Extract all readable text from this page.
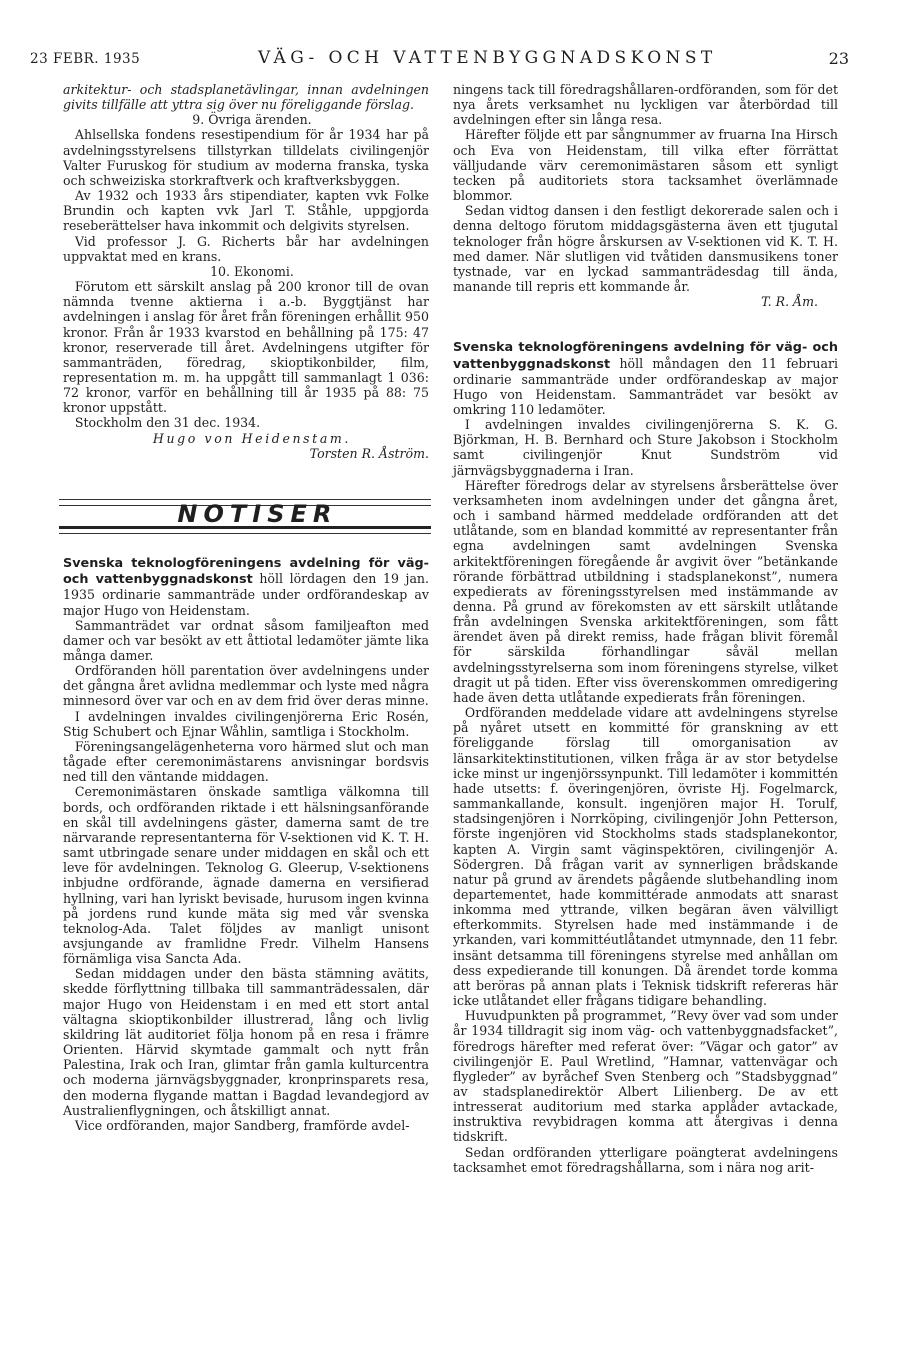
23 FEBR. 1935	VÄG- OCH VATTENBYGGNADSKONST	23

arkitektur- och stadsplanetävlingar, innan avdelningen givits tillfälle att yttra sig över nu föreliggande förslag.

9. Övriga ärenden.

Ahlsellska fondens resestipendium för år 1934 har på avdelningsstyrelsens tillstyrkan tilldelats civilingenjör Valter Furuskog för studium av moderna franska, tyska och schweiziska storkraftverk och kraftverksbyggen.

Av 1932 och 1933 års stipendiater, kapten vvk Folke Brundin och kapten vvk Jarl T. Ståhle, uppgjorda reseberättelser hava inkommit och delgivits styrelsen.

Vid professor J. G. Richerts bår har avdelningen uppvaktat med en krans.

10. Ekonomi.

Förutom ett särskilt anslag på 200 kronor till de ovan nämnda tvenne aktierna i a.-b. Byggtjänst har avdelningen i anslag för året från föreningen erhållit 950 kronor. Från år 1933 kvarstod en behållning på 175: 47 kronor, reserverade till året. Avdelningens utgifter för sammanträden, föredrag, skioptikonbilder, film, representation m. m. ha uppgått till sammanlagt 1 036: 72 kronor, varför en behållning till år 1935 på 88: 75 kronor uppstått.

Stockholm den 31 dec. 1934.

Hugo von Heidenstam.

Torsten R. Åström.

NOTISER

Svenska teknologföreningens avdelning för väg- och vattenbyggnadskonst höll lördagen den 19 jan. 1935 ordinarie sammanträde under ordförandeskap av major Hugo von Heidenstam.

Sammanträdet var ordnat såsom familjeafton med damer och var besökt av ett åttiotal ledamöter jämte lika många damer.

Ordföranden höll parentation över avdelningens under det gångna året avlidna medlemmar och lyste med några minnesord över var och en av dem frid över deras minne.

I avdelningen invaldes civilingenjörerna Eric Rosén, Stig Schubert och Ejnar Wåhlin, samtliga i Stockholm.

Föreningsangelägenheterna voro härmed slut och man tågade efter ceremonimästarens anvisningar bordsvis ned till den väntande middagen.

Ceremonimästaren önskade samtliga välkomna till bords, och ordföranden riktade i ett hälsningsanförande en skål till avdelningens gäster, damerna samt de tre närvarande representanterna för V-sektionen vid K. T. H. samt utbringade senare under middagen en skål och ett leve för avdelningen. Teknolog G. Gleerup, V-sektionens inbjudne ordförande, ägnade damerna en versifierad hyllning, vari han lyriskt bevisade, hurusom ingen kvinna på jordens rund kunde mäta sig med vår svenska teknolog-Ada. Talet följdes av manligt unisont avsjungande av framlidne Fredr. Vilhelm Hansens förnämliga visa Sancta Ada.

Sedan middagen under den bästa stämning avätits, skedde förflyttning tillbaka till sammanträdessalen, där major Hugo von Heidenstam i en med ett stort antal vältagna skioptikonbilder illustrerad, lång och livlig skildring lät auditoriet följa honom på en resa i främre Orienten. Härvid skymtade gammalt och nytt från Palestina, Irak och Iran, glimtar från gamla kulturcentra och moderna järnvägsbyggnader, kronprinsparets resa, den moderna flygande mattan i Bagdad levandegjord av Australienflygningen, och åtskilligt annat.

Vice ordföranden, major Sandberg, framförde avdel-

ningens tack till föredragshållaren-ordföranden, som för det nya årets verksamhet nu lyckligen var återbördad till avdelningen efter sin långa resa.

Härefter följde ett par sångnummer av fruarna Ina Hirsch och Eva von Heidenstam, till vilka efter förrättat välljudande värv ceremonimästaren såsom ett synligt tecken på auditoriets stora tacksamhet överlämnade blommor.

Sedan vidtog dansen i den festligt dekorerade salen och i denna deltogo förutom middagsgästerna även ett tjugutal teknologer från högre årskursen av V-sektionen vid K. T. H. med damer. När slutligen vid tvåtiden dansmusikens toner tystnade, var en lyckad sammanträdesdag till ända, manande till repris ett kommande år.

T. R. Åm.

Svenska teknologföreningens avdelning för väg- och vattenbyggnadskonst höll måndagen den 11 februari ordinarie sammanträde under ordförandeskap av major Hugo von Heidenstam. Sammanträdet var besökt av omkring 110 ledamöter.

I avdelningen invaldes civilingenjörerna S. K. G. Björkman, H. B. Bernhard och Sture Jakobson i Stockholm samt civilingenjör Knut Sundström vid järnvägsbyggnaderna i Iran.

Härefter föredrogs delar av styrelsens årsberättelse över verksamheten inom avdelningen under det gångna året, och i samband härmed meddelade ordföranden att det utlåtande, som en blandad kommitté av representanter från egna avdelningen samt avdelningen Svenska arkitektföreningen föregående år avgivit över ”betänkande rörande förbättrad utbildning i stadsplanekonst”, numera expedierats av föreningsstyrelsen med instämmande av denna. På grund av förekomsten av ett särskilt utlåtande från avdelningen Svenska arkitektföreningen, som fått ärendet även på direkt remiss, hade frågan blivit föremål för särskilda förhandlingar såväl mellan avdelningsstyrelserna som inom föreningens styrelse, vilket dragit ut på tiden. Efter viss överenskommen omredigering hade även detta utlåtande expedierats från föreningen.

Ordföranden meddelade vidare att avdelningens styrelse på nyåret utsett en kommitté för granskning av ett föreliggande förslag till omorganisation av länsarkitektinstitutionen, vilken fråga är av stor betydelse icke minst ur ingenjörssynpunkt. Till ledamöter i kommittén hade utsetts: f. överingenjören, övriste Hj. Fogelmarck, sammankallande, konsult. ingenjören major H. Torulf, stadsingenjören i Norrköping, civilingenjör John Petterson, förste ingenjören vid Stockholms stads stadsplanekontor, kapten A. Virgin samt väginspektören, civilingenjör A. Södergren. Då frågan varit av synnerligen brådskande natur på grund av ärendets pågående slutbehandling inom departementet, hade kommittérade anmodats att snarast inkomma med yttrande, vilken begäran även välvilligt efterkommits. Styrelsen hade med instämmande i de yrkanden, vari kommittéutlåtandet utmynnade, den 11 febr. insänt detsamma till föreningens styrelse med anhållan om dess expedierande till konungen. Då ärendet torde komma att beröras på annan plats i Teknisk tidskrift refereras här icke utlåtandet eller frågans tidigare behandling.

Huvudpunkten på programmet, ”Revy över vad som under år 1934 tilldragit sig inom väg- och vattenbyggnadsfacket”, föredrogs härefter med referat över: ”Vägar och gator” av civilingenjör E. Paul Wretlind, ”Hamnar, vattenvägar och flygleder” av byråchef Sven Stenberg och ”Stadsbyggnad” av stadsplanedirektör Albert Lilienberg. De av ett intresserat auditorium med starka applåder avtackade, instruktiva revybidragen komma att återgivas i denna tidskrift.

Sedan ordföranden ytterligare poängterat avdelningens tacksamhet emot föredragshållarna, som i nära nog arit-
